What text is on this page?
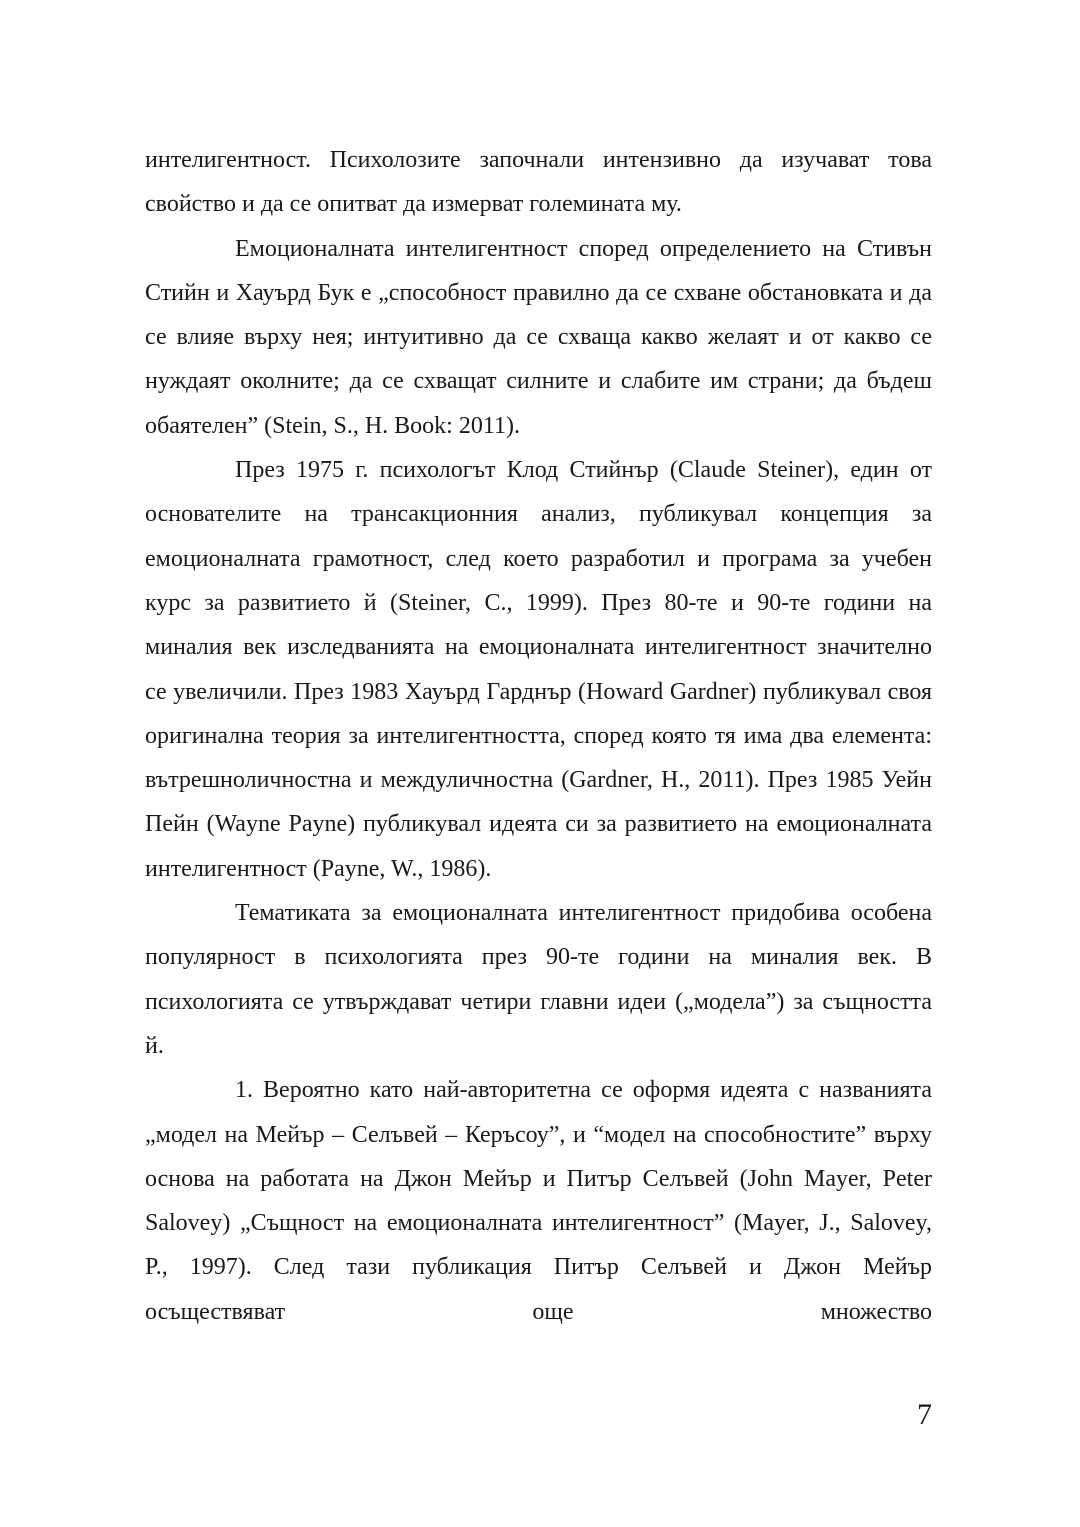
интелигентност. Психолозите започнали интензивно да изучават това свойство и да се опитват да измерват големината му.

Емоционалната интелигентност според определението на Стивън Стийн и Хауърд Бук е „способност правилно да се схване обстановката и да се влияе върху нея; интуитивно да се схваща какво желаят и от какво се нуждаят околните; да се схващат силните и слабите им страни; да бъдеш обаятелен” (Stein, S., H. Book: 2011).

През 1975 г. психологът Клод Стийнър (Claude Steiner), един от основателите на трансакционния анализ, публикувал концепция за емоционалната грамотност, след което разработил и програма за учебен курс за развитието й (Steiner, C., 1999). През 80-те и 90-те години на миналия век изследванията на емоционалната интелигентност значително се увеличили. През 1983 Хауърд Гарднър (Howard Gardner) публикувал своя оригинална теория за интелигентността, според която тя има два елемента: вътрешноличностна и междуличностна (Gardner, H., 2011). През 1985 Уейн Пейн (Wayne Payne) публикувал идеята си за развитието на емоционалната интелигентност (Payne, W., 1986).

Тематиката за емоционалната интелигентност придобива особена популярност в психологията през 90-те години на миналия век. В психологията се утвърждават четири главни идеи („модела”) за същността й.

1. Вероятно като най-авторитетна се оформя идеята с названията „модел на Мейър – Селъвей – Керъсоу”, и “модел на способностите” върху основа на работата на Джон Мейър и Питър Селъвей (John Mayer, Peter Salovey) „Същност на емоционалната интелигентност” (Mayer, J., Salovey, P., 1997). След тази публикация Питър Селъвей и Джон Мейър осъществяват още множество

7
